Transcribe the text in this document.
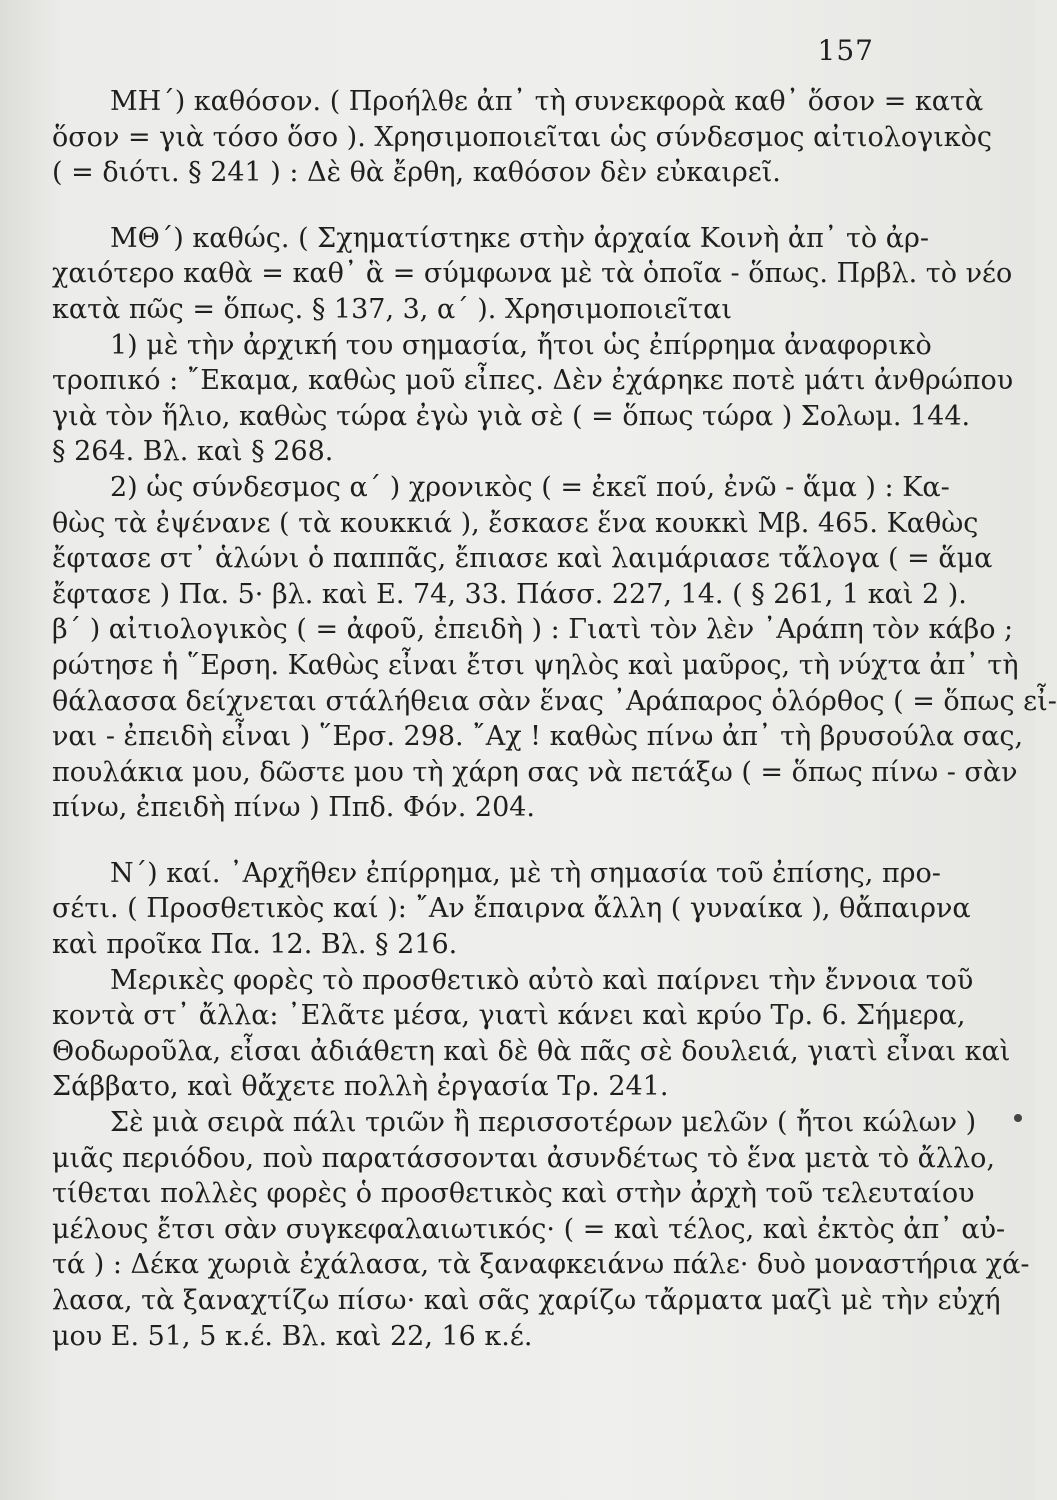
157
ΜΗ΄) καθόσον. ( Προήλθε ἀπ᾽ τὴ συνεκφορὰ καθ᾽ ὅσον = κατὰ
ὅσον = γιὰ τόσο ὅσο ). Χρησιμοποιεῖται ὡς σύνδεσμος αἰτιολογικὸς
( = διότι. § 241 ) : Δὲ θὰ ἔρθη, καθόσον δὲν εὐκαιρεῖ.
ΜΘ΄) καθώς. ( Σχηματίστηκε στὴν ἀρχαία Κοινὴ ἀπ᾽ τὸ ἀρ-
χαιότερο καθὰ = καθ᾽ ἃ = σύμφωνα μὲ τὰ ὁποῖα - ὅπως. Πρβλ. τὸ νέο
κατὰ πῶς = ὅπως. § 137, 3, α΄ ). Χρησιμοποιεῖται
1) μὲ τὴν ἀρχική του σημασία, ἤτοι ὡς ἐπίρρημα ἀναφορικὸ
τροπικό : ῎Εκαμα, καθὼς μοῦ εἶπες. Δὲν ἐχάρηκε ποτὲ μάτι ἀνθρώπου
γιὰ τὸν ἥλιο, καθὼς τώρα ἐγὼ γιὰ σὲ ( = ὅπως τώρα ) Σολωμ. 144.
§ 264. Βλ. καὶ § 268.
2) ὡς σύνδεσμος α΄ ) χρονικὸς ( = ἐκεῖ πού, ἐνῶ - ἅμα ) : Κα-
θὼς τὰ ἐψένανε ( τὰ κουκκιά ), ἔσκασε ἕνα κουκκὶ Μβ. 465. Καθὼς
ἔφτασε στ᾽ ἁλώνι ὁ παππᾶς, ἔπιασε καὶ λαιμάριασε τἄλογα ( = ἅμα
ἔφτασε ) Πα. 5· βλ. καὶ Ε. 74, 33. Πάσσ. 227, 14. ( § 261, 1 καὶ 2 ).
β΄ ) αἰτιολογικὸς ( = ἀφοῦ, ἐπειδὴ ) : Γιατὶ τὸν λὲν ᾽Αράπη τὸν κάβο ;
ρώτησε ἡ ῞Ερση. Καθὼς εἶναι ἔτσι ψηλὸς καὶ μαῦρος, τὴ νύχτα ἀπ᾽ τὴ
θάλασσα δείχνεται στάλήθεια σὰν ἕνας ᾽Αράπαρος ὁλόρθος ( = ὅπως εἶ-
ναι - ἐπειδὴ εἶναι ) ῞Ερσ. 298. ῎Αχ ! καθὼς πίνω ἀπ᾽ τὴ βρυσούλα σας,
πουλάκια μου, δῶστε μου τὴ χάρη σας νὰ πετάξω ( = ὅπως πίνω - σὰν
πίνω, ἐπειδὴ πίνω ) Ππδ. Φόν. 204.
Ν΄) καί. ᾽Αρχῆθεν ἐπίρρημα, μὲ τὴ σημασία τοῦ ἐπίσης, προ-
σέτι. ( Προσθετικὸς καί ): ῎Αν ἔπαιρνα ἄλλη ( γυναίκα ), θἄπαιρνα
καὶ προῖκα Πα. 12. Βλ. § 216.
Μερικὲς φορὲς τὸ προσθετικὸ αὐτὸ καὶ παίρνει τὴν ἔννοια τοῦ
κοντὰ στ᾽ ἄλλα: ᾽Ελᾶτε μέσα, γιατὶ κάνει καὶ κρύο Τρ. 6. Σήμερα,
Θοδωροῦλα, εἶσαι ἀδιάθετη καὶ δὲ θὰ πᾶς σὲ δουλειά, γιατὶ εἶναι καὶ
Σάββατο, καὶ θἄχετε πολλὴ ἐργασία Τρ. 241.
Σὲ μιὰ σειρὰ πάλι τριῶν ἢ περισσοτέρων μελῶν ( ἤτοι κώλων )
μιᾶς περιόδου, ποὺ παρατάσσονται ἀσυνδέτως τὸ ἕνα μετὰ τὸ ἄλλο,
τίθεται πολλὲς φορὲς ὁ προσθετικὸς καὶ στὴν ἀρχὴ τοῦ τελευταίου
μέλους ἔτσι σὰν συγκεφαλαιωτικός· ( = καὶ τέλος, καὶ ἐκτὸς ἀπ᾽ αὐ-
τά ) : Δέκα χωριὰ ἐχάλασα, τὰ ξαναφκειάνω πάλε· δυὸ μοναστήρια χά-
λασα, τὰ ξαναχτίζω πίσω· καὶ σᾶς χαρίζω τἄρματα μαζὶ μὲ τὴν εὐχή
μου Ε. 51, 5 κ.έ. Βλ. καὶ 22, 16 κ.έ.
